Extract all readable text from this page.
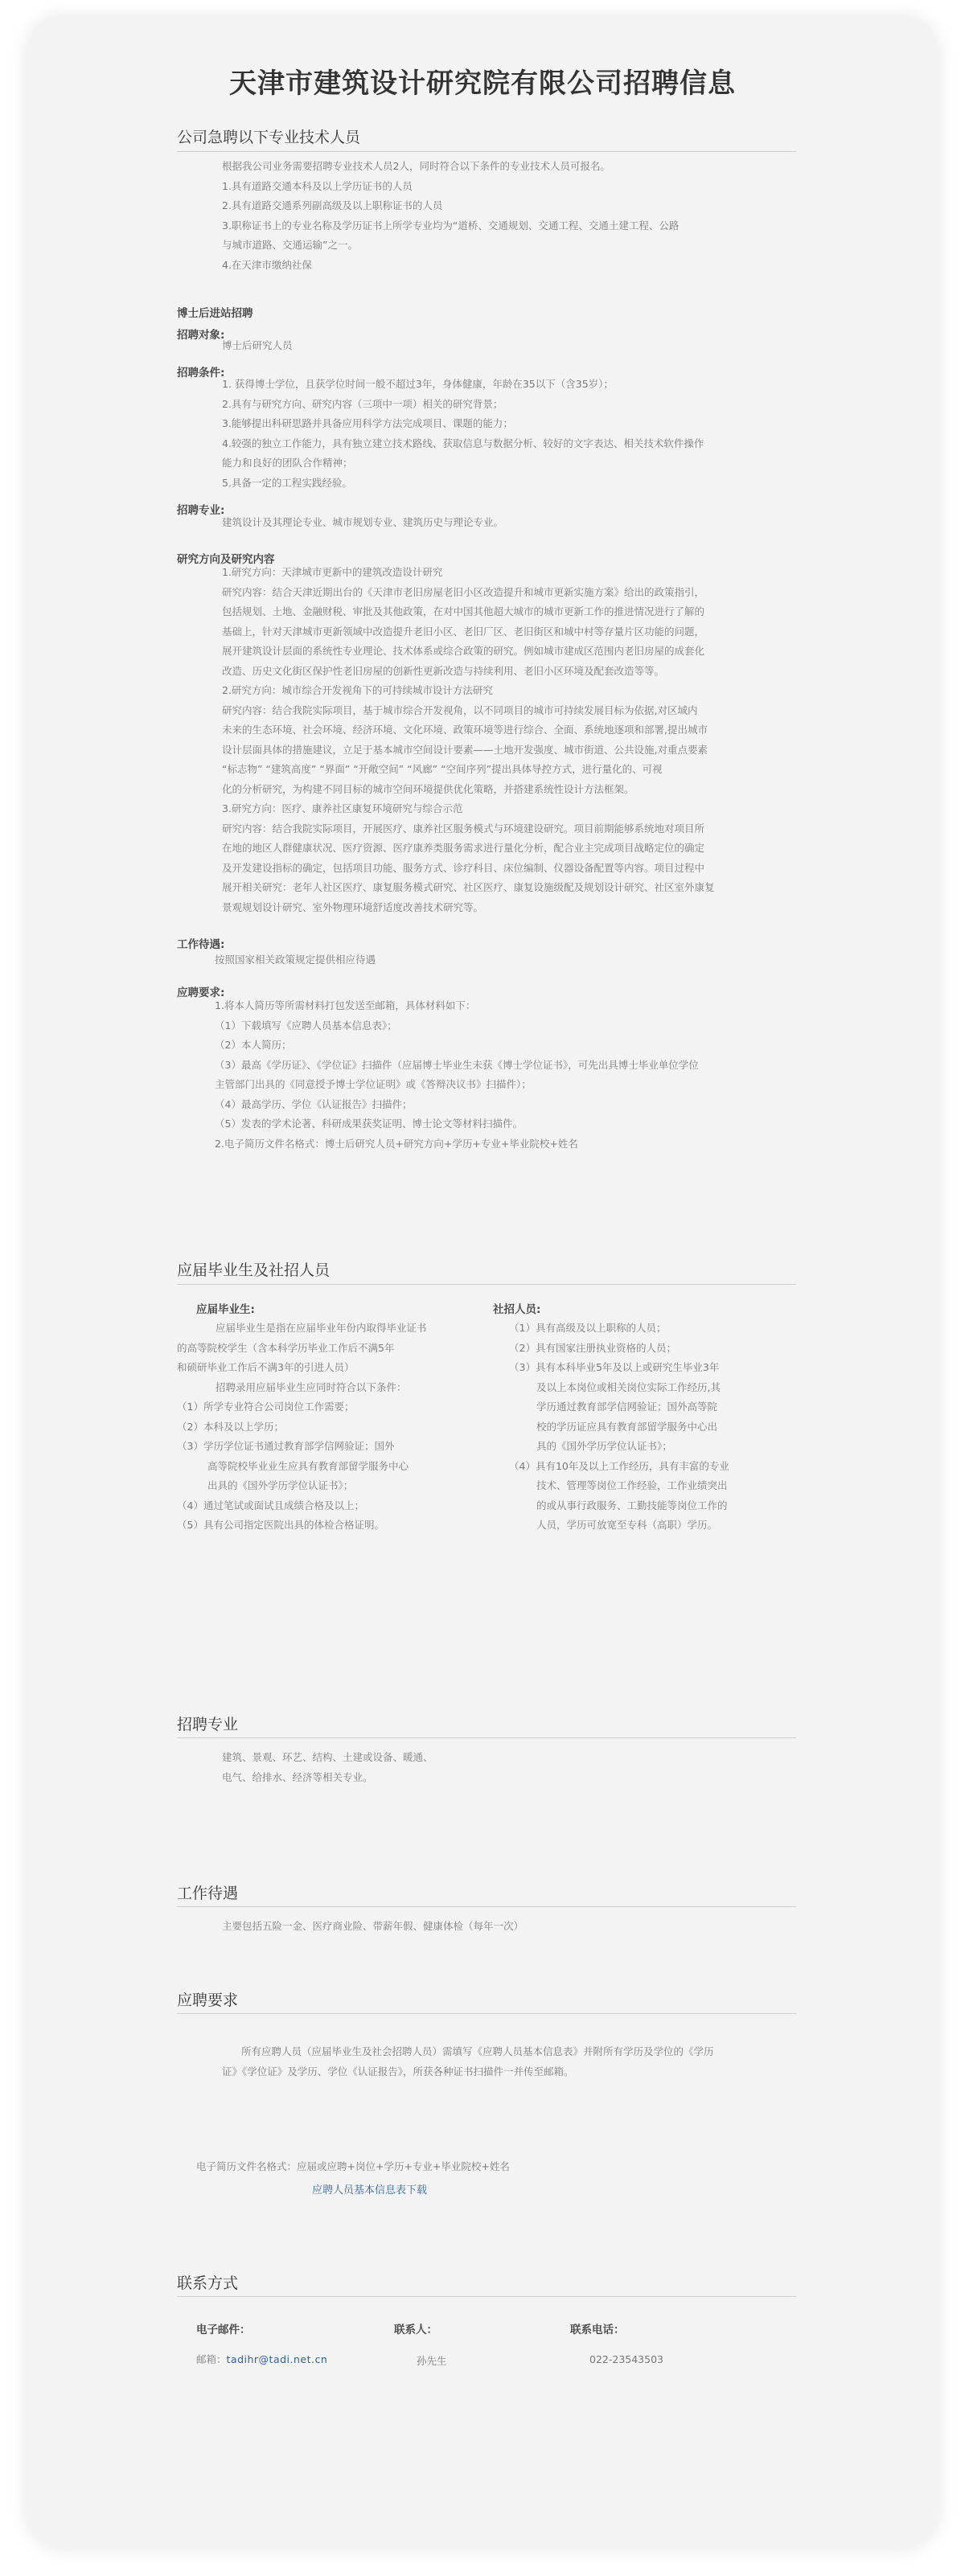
天津市建筑设计研究院有限公司招聘信息
公司急聘以下专业技术人员
根据我公司业务需要招聘专业技术人员2人，同时符合以下条件的专业技术人员可报名。
1.具有道路交通本科及以上学历证书的人员
2.具有道路交通系列副高级及以上职称证书的人员
3.职称证书上的专业名称及学历证书上所学专业均为“道桥、交通规划、交通工程、交通土建工程、公路
与城市道路、交通运输”之一。
4.在天津市缴纳社保
博士后进站招聘
招聘对象:
博士后研究人员
招聘条件:
1. 获得博士学位，且获学位时间一般不超过3年，身体健康，年龄在35以下（含35岁）；
2.具有与研究方向、研究内容（三项中一项）相关的研究背景；
3.能够提出科研思路并具备应用科学方法完成项目、课题的能力；
4.较强的独立工作能力，具有独立建立技术路线、获取信息与数据分析、较好的文字表达、相关技术软件操作
能力和良好的团队合作精神；
5.具备一定的工程实践经验。
招聘专业:
建筑设计及其理论专业、城市规划专业、建筑历史与理论专业。
研究方向及研究内容
1.研究方向：天津城市更新中的建筑改造设计研究
研究内容：结合天津近期出台的《天津市老旧房屋老旧小区改造提升和城市更新实施方案》给出的政策指引，
包括规划、土地、金融财税、审批及其他政策，在对中国其他超大城市的城市更新工作的推进情况进行了解的
基础上，针对天津城市更新领域中改造提升老旧小区、老旧厂区、老旧街区和城中村等存量片区功能的问题，
展开建筑设计层面的系统性专业理论、技术体系或综合政策的研究。例如城市建成区范围内老旧房屋的成套化
改造、历史文化街区保护性老旧房屋的创新性更新改造与持续利用、老旧小区环境及配套改造等等。
2.研究方向：城市综合开发视角下的可持续城市设计方法研究
研究内容：结合我院实际项目，基于城市综合开发视角，以不同项目的城市可持续发展目标为依据,对区域内
未来的生态环境、社会环境、经济环境、文化环境、政策环境等进行综合、全面、系统地逐项和部署,提出城市
设计层面具体的措施建议，立足于基本城市空间设计要素——土地开发强度、城市街道、公共设施,对重点要素
“标志物” “建筑高度” “界面” “开敞空间” “风廊” “空间序列”提出具体导控方式，进行量化的、可视
化的分析研究，为构建不同目标的城市空间环境提供优化策略，并搭建系统性设计方法框架。
3.研究方向：医疗、康养社区康复环境研究与综合示范
研究内容：结合我院实际项目，开展医疗、康养社区服务模式与环境建设研究。项目前期能够系统地对项目所
在地的地区人群健康状况、医疗资源、医疗康养类服务需求进行量化分析，配合业主完成项目战略定位的确定
及开发建设指标的确定，包括项目功能、服务方式、诊疗科目、床位编制、仪器设备配置等内容。项目过程中
展开相关研究：老年人社区医疗、康复服务模式研究、社区医疗、康复设施级配及规划设计研究、社区室外康复
景观规划设计研究、室外物理环境舒适度改善技术研究等。
工作待遇:
按照国家相关政策规定提供相应待遇
应聘要求:
1.将本人简历等所需材料打包发送至邮箱，具体材料如下：
（1）下载填写《应聘人员基本信息表》；
（2）本人简历；
（3）最高《学历证》、《学位证》扫描件（应届博士毕业生未获《博士学位证书》，可先出具博士毕业单位学位
主管部门出具的《同意授予博士学位证明》或《答辩决议书》扫描件）；
（4）最高学历、学位《认证报告》扫描件；
（5）发表的学术论著、科研成果获奖证明、博士论文等材料扫描件。
2.电子简历文件名格式：博士后研究人员+研究方向+学历+专业+毕业院校+姓名
应届毕业生及社招人员
应届毕业生:
应届毕业生是指在应届毕业年份内取得毕业证书
的高等院校学生（含本科学历毕业工作后不满5年
和硕研毕业工作后不满3年的引进人员）
招聘录用应届毕业生应同时符合以下条件：
（1）所学专业符合公司岗位工作需要；
（2）本科及以上学历；
（3）学历学位证书通过教育部学信网验证；国外
高等院校毕业业生应具有教育部留学服务中心
出具的《国外学历学位认证书》；
（4）通过笔试或面试且成绩合格及以上；
（5）具有公司指定医院出具的体检合格证明。
社招人员:
（1）具有高级及以上职称的人员；
（2）具有国家注册执业资格的人员；
（3）具有本科毕业5年及以上或研究生毕业3年
及以上本岗位或相关岗位实际工作经历,其
学历通过教育部学信网验证；国外高等院
校的学历证应具有教育部留学服务中心出
具的《国外学历学位认证书》；
（4）具有10年及以上工作经历，具有丰富的专业
技术、管理等岗位工作经验，工作业绩突出
的或从事行政服务、工勤技能等岗位工作的
人员，学历可放宽至专科（高职）学历。
招聘专业
建筑、景观、环艺、结构、土建或设备、暖通、
电气、给排水、经济等相关专业。
工作待遇
主要包括五险一金、医疗商业险、带薪年假、健康体检（每年一次）
应聘要求
所有应聘人员（应届毕业生及社会招聘人员）需填写《应聘人员基本信息表》并附所有学历及学位的《学历
证》《学位证》及学历、学位《认证报告》，所获各种证书扫描件一并传至邮箱。
电子简历文件名格式：应届或应聘+岗位+学历+专业+毕业院校+姓名
应聘人员基本信息表下载
联系方式
电子邮件：
邮箱：tadihr@tadi.net.cn
联系人：
孙先生
联系电话：
022-23543503
